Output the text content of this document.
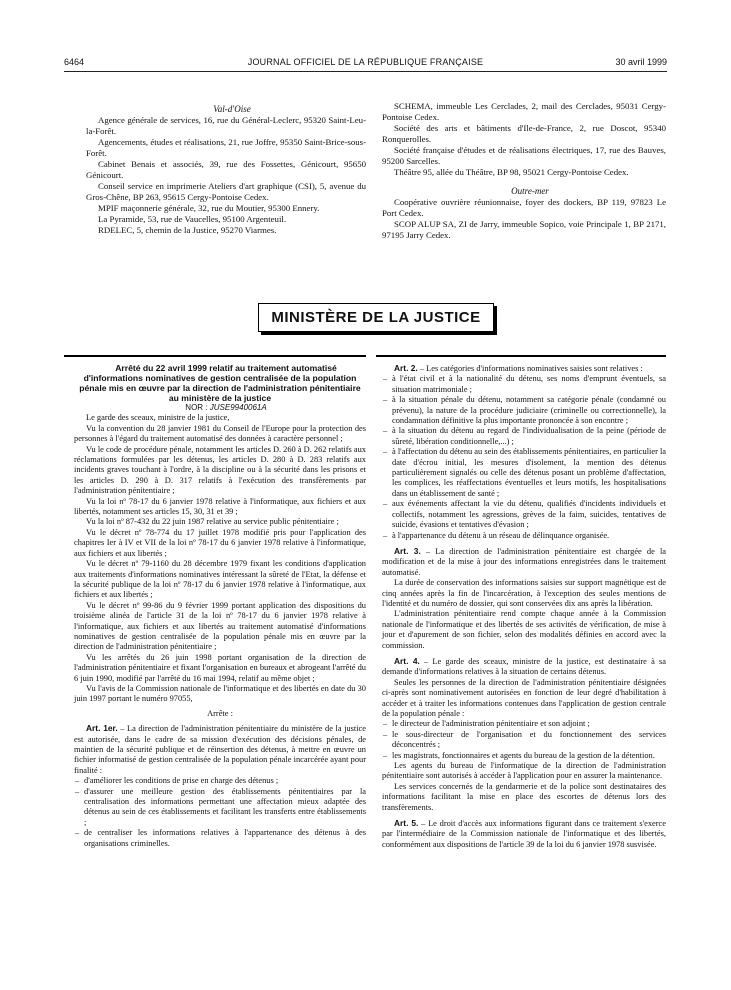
6464	JOURNAL OFFICIEL DE LA RÉPUBLIQUE FRANÇAISE	30 avril 1999

Val-d'Oise

Agence générale de services, 16, rue du Général-Leclerc, 95320 Saint-Leu-la-Forêt.

Agencements, études et réalisations, 21, rue Joffre, 95350 Saint-Brice-sous-Forêt.

Cabinet Benais et associés, 39, rue des Fossettes, Génicourt, 95650 Génicourt.

Conseil service en imprimerie Ateliers d'art graphique (CSI), 5, avenue du Gros-Chêne, BP 263, 95615 Cergy-Pontoise Cedex.

MPIF maçonnerie générale, 32, rue du Moutier, 95300 Ennery.

La Pyramide, 53, rue de Vaucelles, 95100 Argenteuil.

RDELEC, 5, chemin de la Justice, 95270 Viarmes.

SCHEMA, immeuble Les Cerclades, 2, mail des Cerclades, 95031 Cergy-Pontoise Cedex.

Société des arts et bâtiments d'Ile-de-France, 2, rue Doscot, 95340 Ronquerolles.

Société française d'études et de réalisations électriques, 17, rue des Bauves, 95200 Sarcelles.

Théâtre 95, allée du Théâtre, BP 98, 95021 Cergy-Pontoise Cedex.

Outre-mer

Coopérative ouvrière réunionnaise, foyer des dockers, BP 119, 97823 Le Port Cedex.

SCOP ALUP SA, ZI de Jarry, immeuble Sopico, voie Principale 1, BP 2171, 97195 Jarry Cedex.

MINISTÈRE DE LA JUSTICE

Arrêté du 22 avril 1999 relatif au traitement automatisé d'informations nominatives de gestion centralisée de la population pénale mis en œuvre par la direction de l'administration pénitentiaire au ministère de la justice

NOR : JUSE9940061A

Le garde des sceaux, ministre de la justice,

Vu la convention du 28 janvier 1981 du Conseil de l'Europe pour la protection des personnes à l'égard du traitement automatisé des données à caractère personnel ;

Vu le code de procédure pénale, notamment les articles D. 260 à D. 262 relatifs aux réclamations formulées par les détenus, les articles D. 280 à D. 283 relatifs aux incidents graves touchant à l'ordre, à la discipline ou à la sécurité dans les prisons et les articles D. 290 à D. 317 relatifs à l'exécution des transfèrements par l'administration pénitentiaire ;

Vu la loi nº 78-17 du 6 janvier 1978 relative à l'informatique, aux fichiers et aux libertés, notamment ses articles 15, 30, 31 et 39 ;

Vu la loi nº 87-432 du 22 juin 1987 relative au service public pénitentiaire ;

Vu le décret nº 78-774 du 17 juillet 1978 modifié pris pour l'application des chapitres Ier à IV et VII de la loi nº 78-17 du 6 janvier 1978 relative à l'informatique, aux fichiers et aux libertés ;

Vu le décret nº 79-1160 du 28 décembre 1979 fixant les conditions d'application aux traitements d'informations nominatives intéressant la sûreté de l'Etat, la défense et la sécurité publique de la loi nº 78-17 du 6 janvier 1978 relative à l'informatique, aux fichiers et aux libertés ;

Vu le décret nº 99-86 du 9 février 1999 portant application des dispositions du troisième alinéa de l'article 31 de la loi nº 78-17 du 6 janvier 1978 relative à l'informatique, aux fichiers et aux libertés au traitement automatisé d'informations nominatives de gestion centralisée de la population pénale mis en œuvre par la direction de l'administration pénitentiaire ;

Vu les arrêtés du 26 juin 1998 portant organisation de la direction de l'administration pénitentiaire et fixant l'organisation en bureaux et abrogeant l'arrêté du 6 juin 1990, modifié par l'arrêté du 16 mai 1994, relatif au même objet ;

Vu l'avis de la Commission nationale de l'informatique et des libertés en date du 30 juin 1997 portant le numéro 97055,

Arrête :

Art. 1er. – La direction de l'administration pénitentiaire du ministère de la justice est autorisée, dans le cadre de sa mission d'exécution des décisions pénales, de maintien de la sécurité publique et de réinsertion des détenus, à mettre en œuvre un fichier informatisé de gestion centralisée de la population pénale incarcérée ayant pour finalité :

– d'améliorer les conditions de prise en charge des détenus ;
– d'assurer une meilleure gestion des établissements pénitentiaires par la centralisation des informations permettant une affectation mieux adaptée des détenus au sein de ces établissements et facilitant les transferts entre établissements ;
– de centraliser les informations relatives à l'appartenance des détenus à des organisations criminelles.

Art. 2. – Les catégories d'informations nominatives saisies sont relatives :

– à l'état civil et à la nationalité du détenu, ses noms d'emprunt éventuels, sa situation matrimoniale ;
– à la situation pénale du détenu, notamment sa catégorie pénale (condamné ou prévenu), la nature de la procédure judiciaire (criminelle ou correctionnelle), la condamnation définitive la plus importante prononcée à son encontre ;
– à la situation du détenu au regard de l'individualisation de la peine (période de sûreté, libération conditionnelle,...) ;
– à l'affectation du détenu au sein des établissements pénitentiaires, en particulier la date d'écrou initial, les mesures d'isolement, la mention des détenus particulièrement signalés ou celle des détenus posant un problème d'affectation, les complices, les réaffectations éventuelles et leurs motifs, les hospitalisations dans un établissement de santé ;
– aux événements affectant la vie du détenu, qualifiés d'incidents individuels et collectifs, notamment les agressions, grèves de la faim, suicides, tentatives de suicide, évasions et tentatives d'évasion ;
– à l'appartenance du détenu à un réseau de délinquance organisée.

Art. 3. – La direction de l'administration pénitentiaire est chargée de la modification et de la mise à jour des informations enregistrées dans le traitement automatisé.

La durée de conservation des informations saisies sur support magnétique est de cinq années après la fin de l'incarcération, à l'exception des seules mentions de l'identité et du numéro de dossier, qui sont conservées dix ans après la libération.

L'administration pénitentiaire rend compte chaque année à la Commission nationale de l'informatique et des libertés de ses activités de vérification, de mise à jour et d'apurement de son fichier, selon des modalités définies en accord avec la commission.

Art. 4. – Le garde des sceaux, ministre de la justice, est destinataire à sa demande d'informations relatives à la situation de certains détenus.

Seules les personnes de la direction de l'administration pénitentiaire désignées ci-après sont nominativement autorisées en fonction de leur degré d'habilitation à accéder et à traiter les informations contenues dans l'application de gestion centrale de la population pénale :

– le directeur de l'administration pénitentiaire et son adjoint ;
– le sous-directeur de l'organisation et du fonctionnement des services déconcentrés ;
– les magistrats, fonctionnaires et agents du bureau de la gestion de la détention.

Les agents du bureau de l'informatique de la direction de l'administration pénitentiaire sont autorisés à accéder à l'application pour en assurer la maintenance.

Les services concernés de la gendarmerie et de la police sont destinataires des informations facilitant la mise en place des escortes de détenus lors des transfèrements.

Art. 5. – Le droit d'accès aux informations figurant dans ce traitement s'exerce par l'intermédiaire de la Commission nationale de l'informatique et des libertés, conformément aux dispositions de l'article 39 de la loi du 6 janvier 1978 susvisée.
